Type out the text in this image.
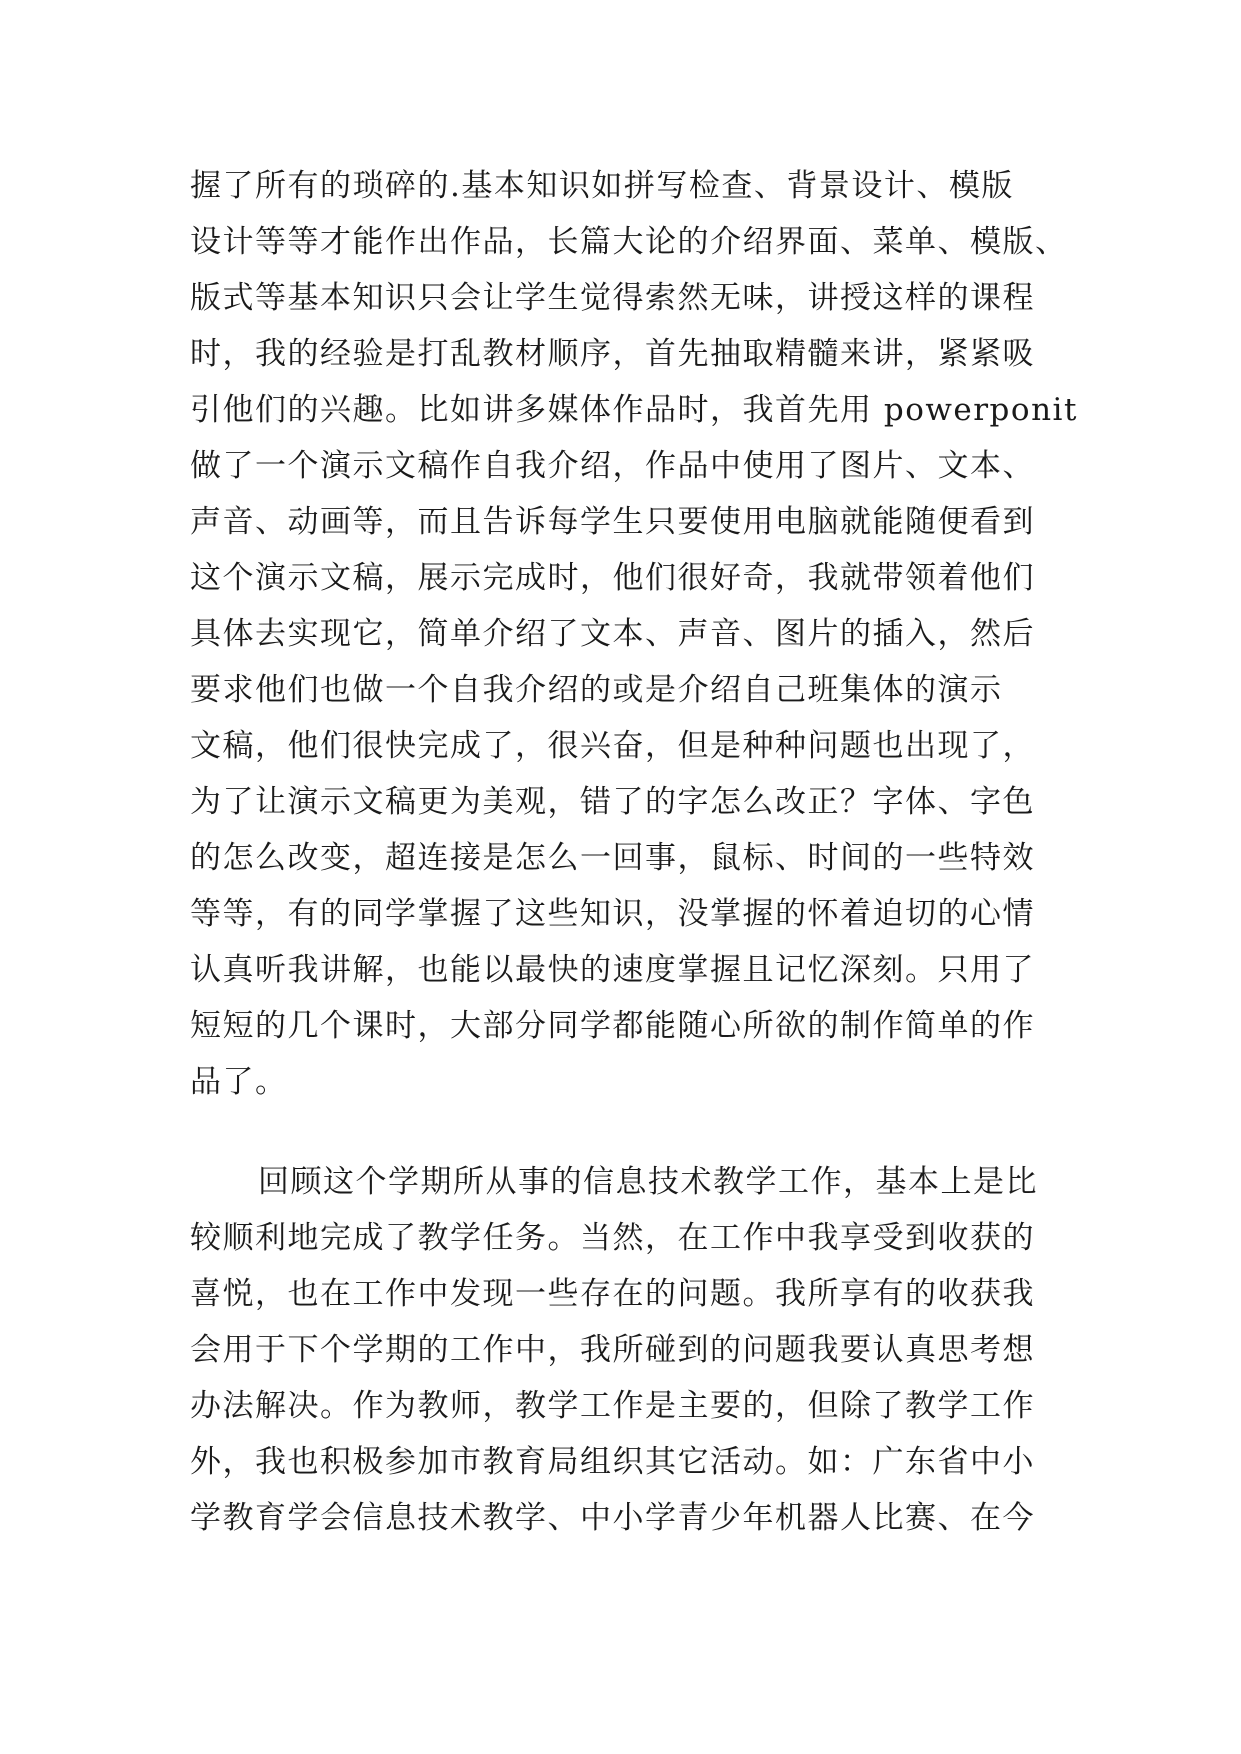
握了所有的琐碎的.基本知识如拼写检查、背景设计、模版
设计等等才能作出作品，长篇大论的介绍界面、菜单、模版、
版式等基本知识只会让学生觉得索然无味，讲授这样的课程
时，我的经验是打乱教材顺序，首先抽取精髓来讲，紧紧吸
引他们的兴趣。比如讲多媒体作品时，我首先用 powerponit
做了一个演示文稿作自我介绍，作品中使用了图片、文本、
声音、动画等，而且告诉每学生只要使用电脑就能随便看到
这个演示文稿，展示完成时，他们很好奇，我就带领着他们
具体去实现它，简单介绍了文本、声音、图片的插入，然后
要求他们也做一个自我介绍的或是介绍自己班集体的演示
文稿，他们很快完成了，很兴奋，但是种种问题也出现了，
为了让演示文稿更为美观，错了的字怎么改正？字体、字色
的怎么改变，超连接是怎么一回事，鼠标、时间的一些特效
等等，有的同学掌握了这些知识，没掌握的怀着迫切的心情
认真听我讲解，也能以最快的速度掌握且记忆深刻。只用了
短短的几个课时，大部分同学都能随心所欲的制作简单的作
品了。
回顾这个学期所从事的信息技术教学工作，基本上是比
较顺利地完成了教学任务。当然，在工作中我享受到收获的
喜悦，也在工作中发现一些存在的问题。我所享有的收获我
会用于下个学期的工作中，我所碰到的问题我要认真思考想
办法解决。作为教师，教学工作是主要的，但除了教学工作
外，我也积极参加市教育局组织其它活动。如：广东省中小
学教育学会信息技术教学、中小学青少年机器人比赛、在今
